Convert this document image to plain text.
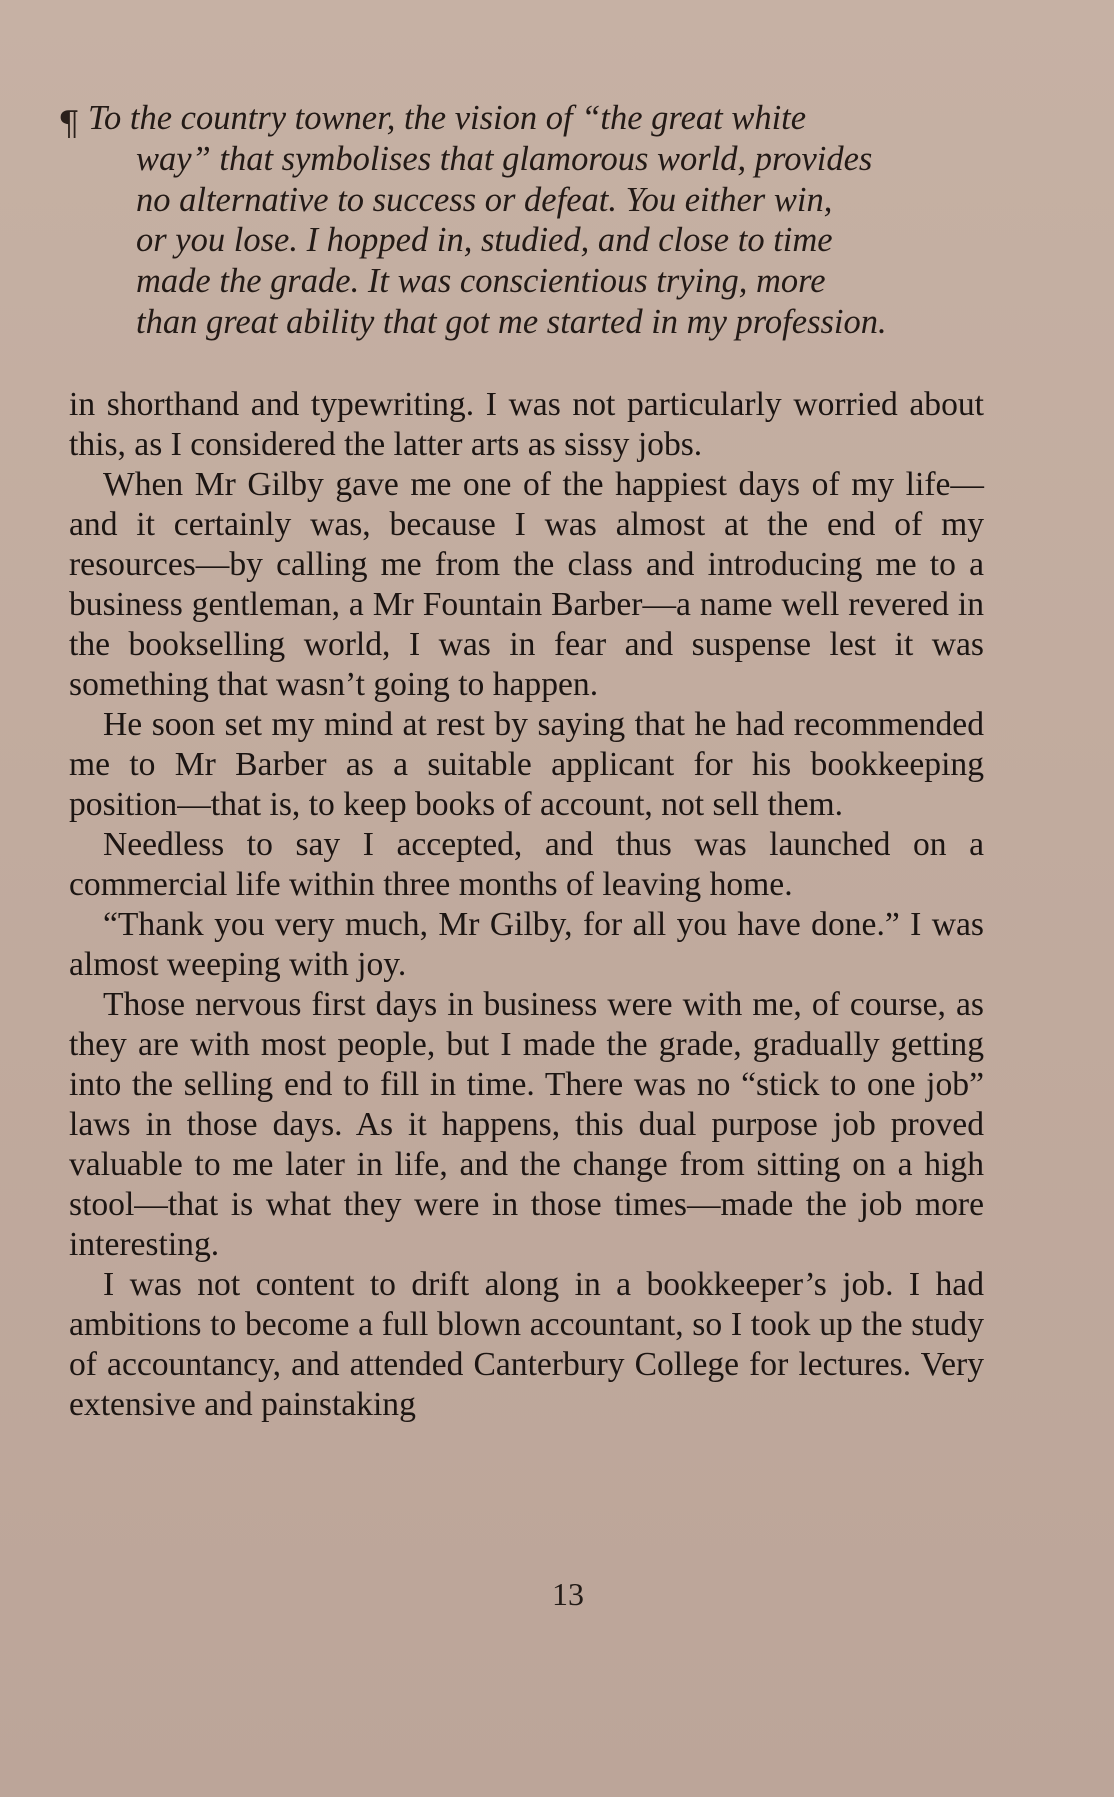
¶ To the country towner, the vision of “the great white
way” that symbolises that glamorous world, provides
no alternative to success or defeat. You either win,
or you lose. I hopped in, studied, and close to time
made the grade. It was conscientious trying, more
than great ability that got me started in my profession.

in shorthand and typewriting. I was not particularly worried about this, as I considered the latter arts as sissy jobs.

When Mr Gilby gave me one of the happiest days of my life—and it certainly was, because I was almost at the end of my resources—by calling me from the class and introducing me to a business gentleman, a Mr Fountain Barber—a name well revered in the bookselling world, I was in fear and suspense lest it was something that wasn’t going to happen.

He soon set my mind at rest by saying that he had recommended me to Mr Barber as a suitable applicant for his bookkeeping position—that is, to keep books of account, not sell them.

Needless to say I accepted, and thus was launched on a commercial life within three months of leaving home.

“Thank you very much, Mr Gilby, for all you have done.” I was almost weeping with joy.

Those nervous first days in business were with me, of course, as they are with most people, but I made the grade, gradually getting into the selling end to fill in time. There was no “stick to one job” laws in those days. As it happens, this dual purpose job proved valuable to me later in life, and the change from sitting on a high stool—that is what they were in those times—made the job more interesting.

I was not content to drift along in a bookkeeper’s job. I had ambitions to become a full blown accountant, so I took up the study of accountancy, and attended Canterbury College for lectures. Very extensive and painstaking

13
